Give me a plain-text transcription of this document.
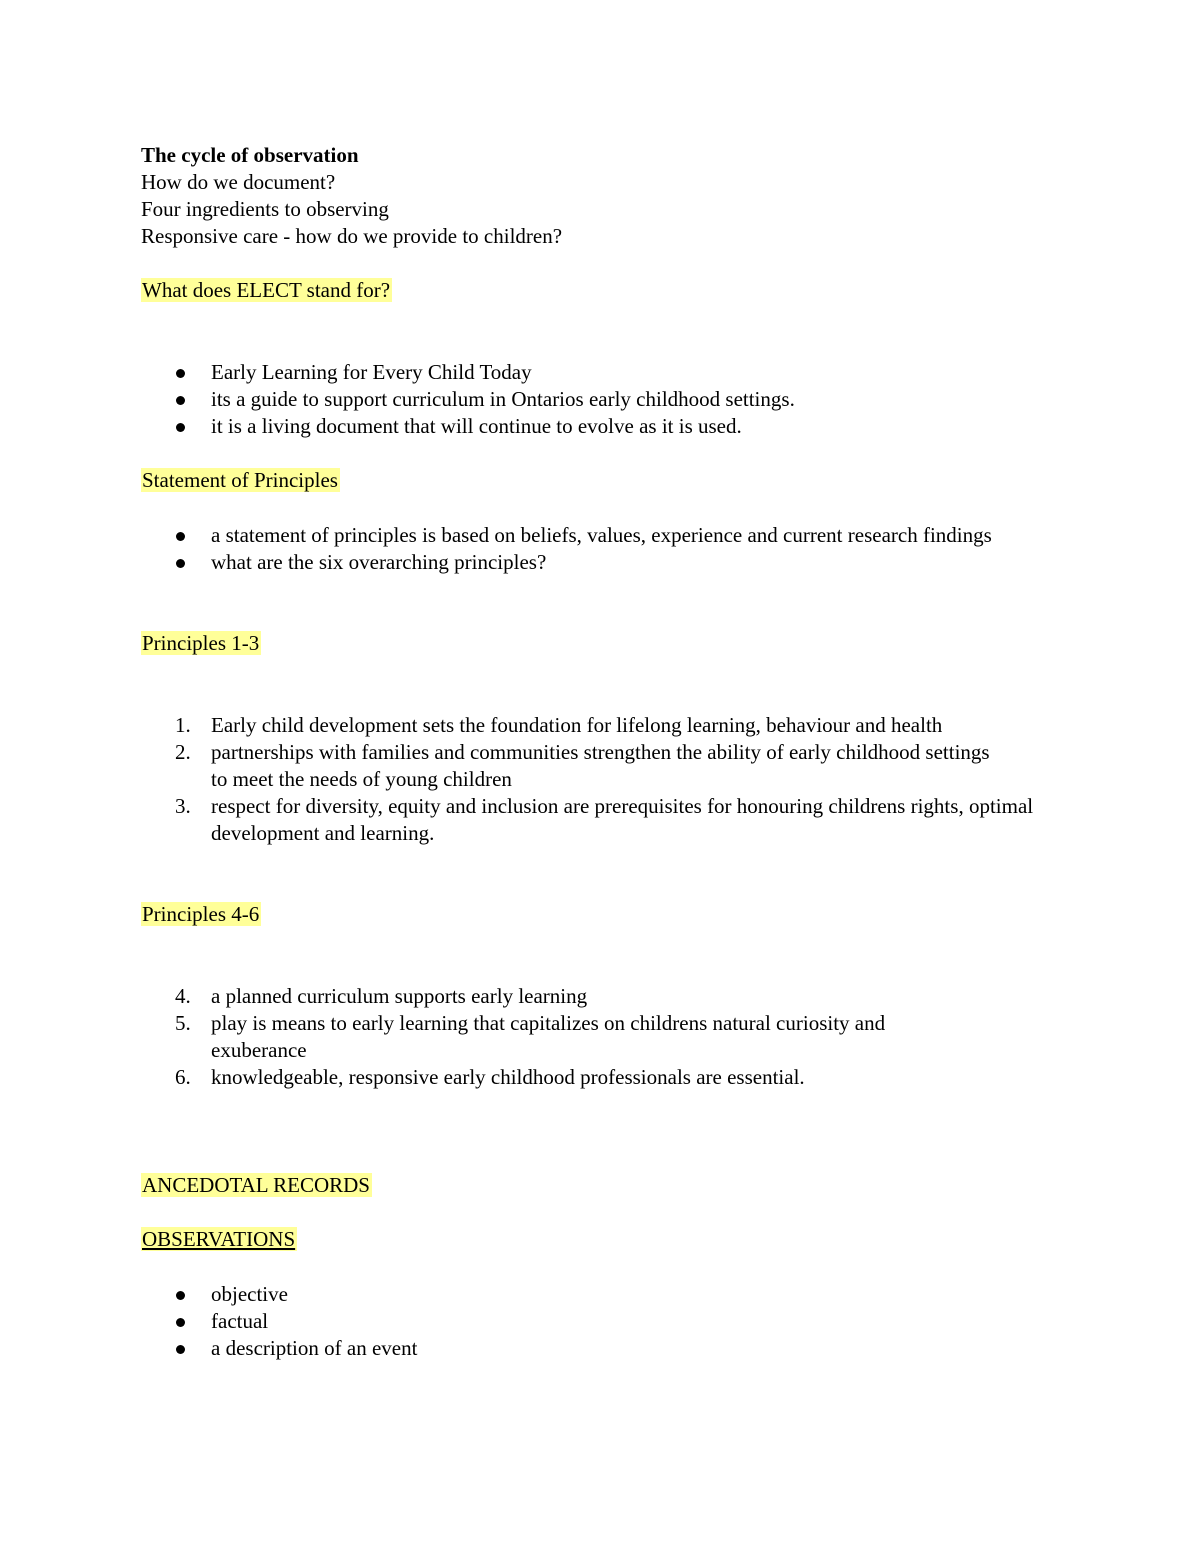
The cycle of observation
How do we document?
Four ingredients to observing
Responsive care - how do we provide to children?
What does ELECT stand for?
Early Learning for Every Child Today
its a guide to support curriculum in Ontarios early childhood settings.
it is a living document that will continue to evolve as it is used.
Statement of Principles
a statement of principles is based on beliefs, values, experience and current research findings
what are the six overarching principles?
Principles 1-3
1. Early child development sets the foundation for lifelong learning, behaviour and health
2. partnerships with families and communities strengthen the ability of early childhood settings to meet the needs of young children
3. respect for diversity, equity and inclusion are prerequisites for honouring childrens rights, optimal development and learning.
Principles 4-6
4. a planned curriculum supports early learning
5. play is means to early learning that capitalizes on childrens natural curiosity and exuberance
6. knowledgeable, responsive early childhood professionals are essential.
ANCEDOTAL RECORDS
OBSERVATIONS
objective
factual
a description of an event
